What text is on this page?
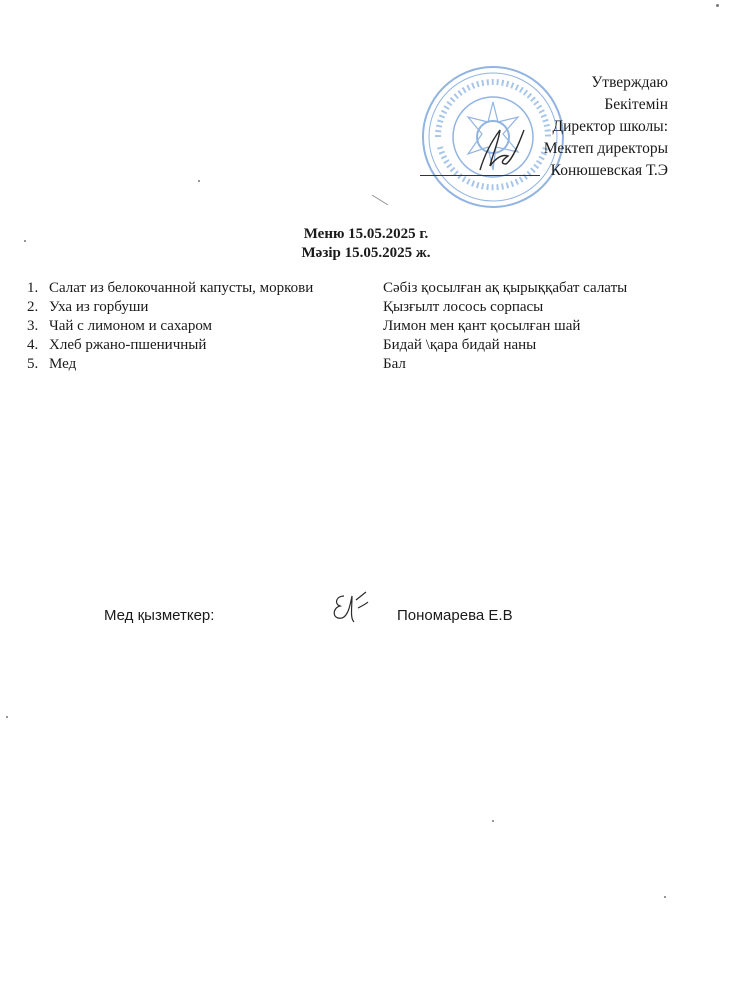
Утверждаю
Бекітемін
Директор школы:
Мектеп директоры
Конюшевская Т.Э
Меню 15.05.2025 г.
Мәзір 15.05.2025 ж.
1. Салат из белокочанной капусты, моркови
2. Уха из горбуши
3. Чай с лимоном и сахаром
4. Хлеб ржано-пшеничный
5. Мед
Сәбіз қосылған ақ қырыққабат салаты
Қызғылт лосось сорпасы
Лимон мен қант қосылған шай
Бидай \қара бидай наны
Бал
Мед қызметкер:	Пономарева Е.В
